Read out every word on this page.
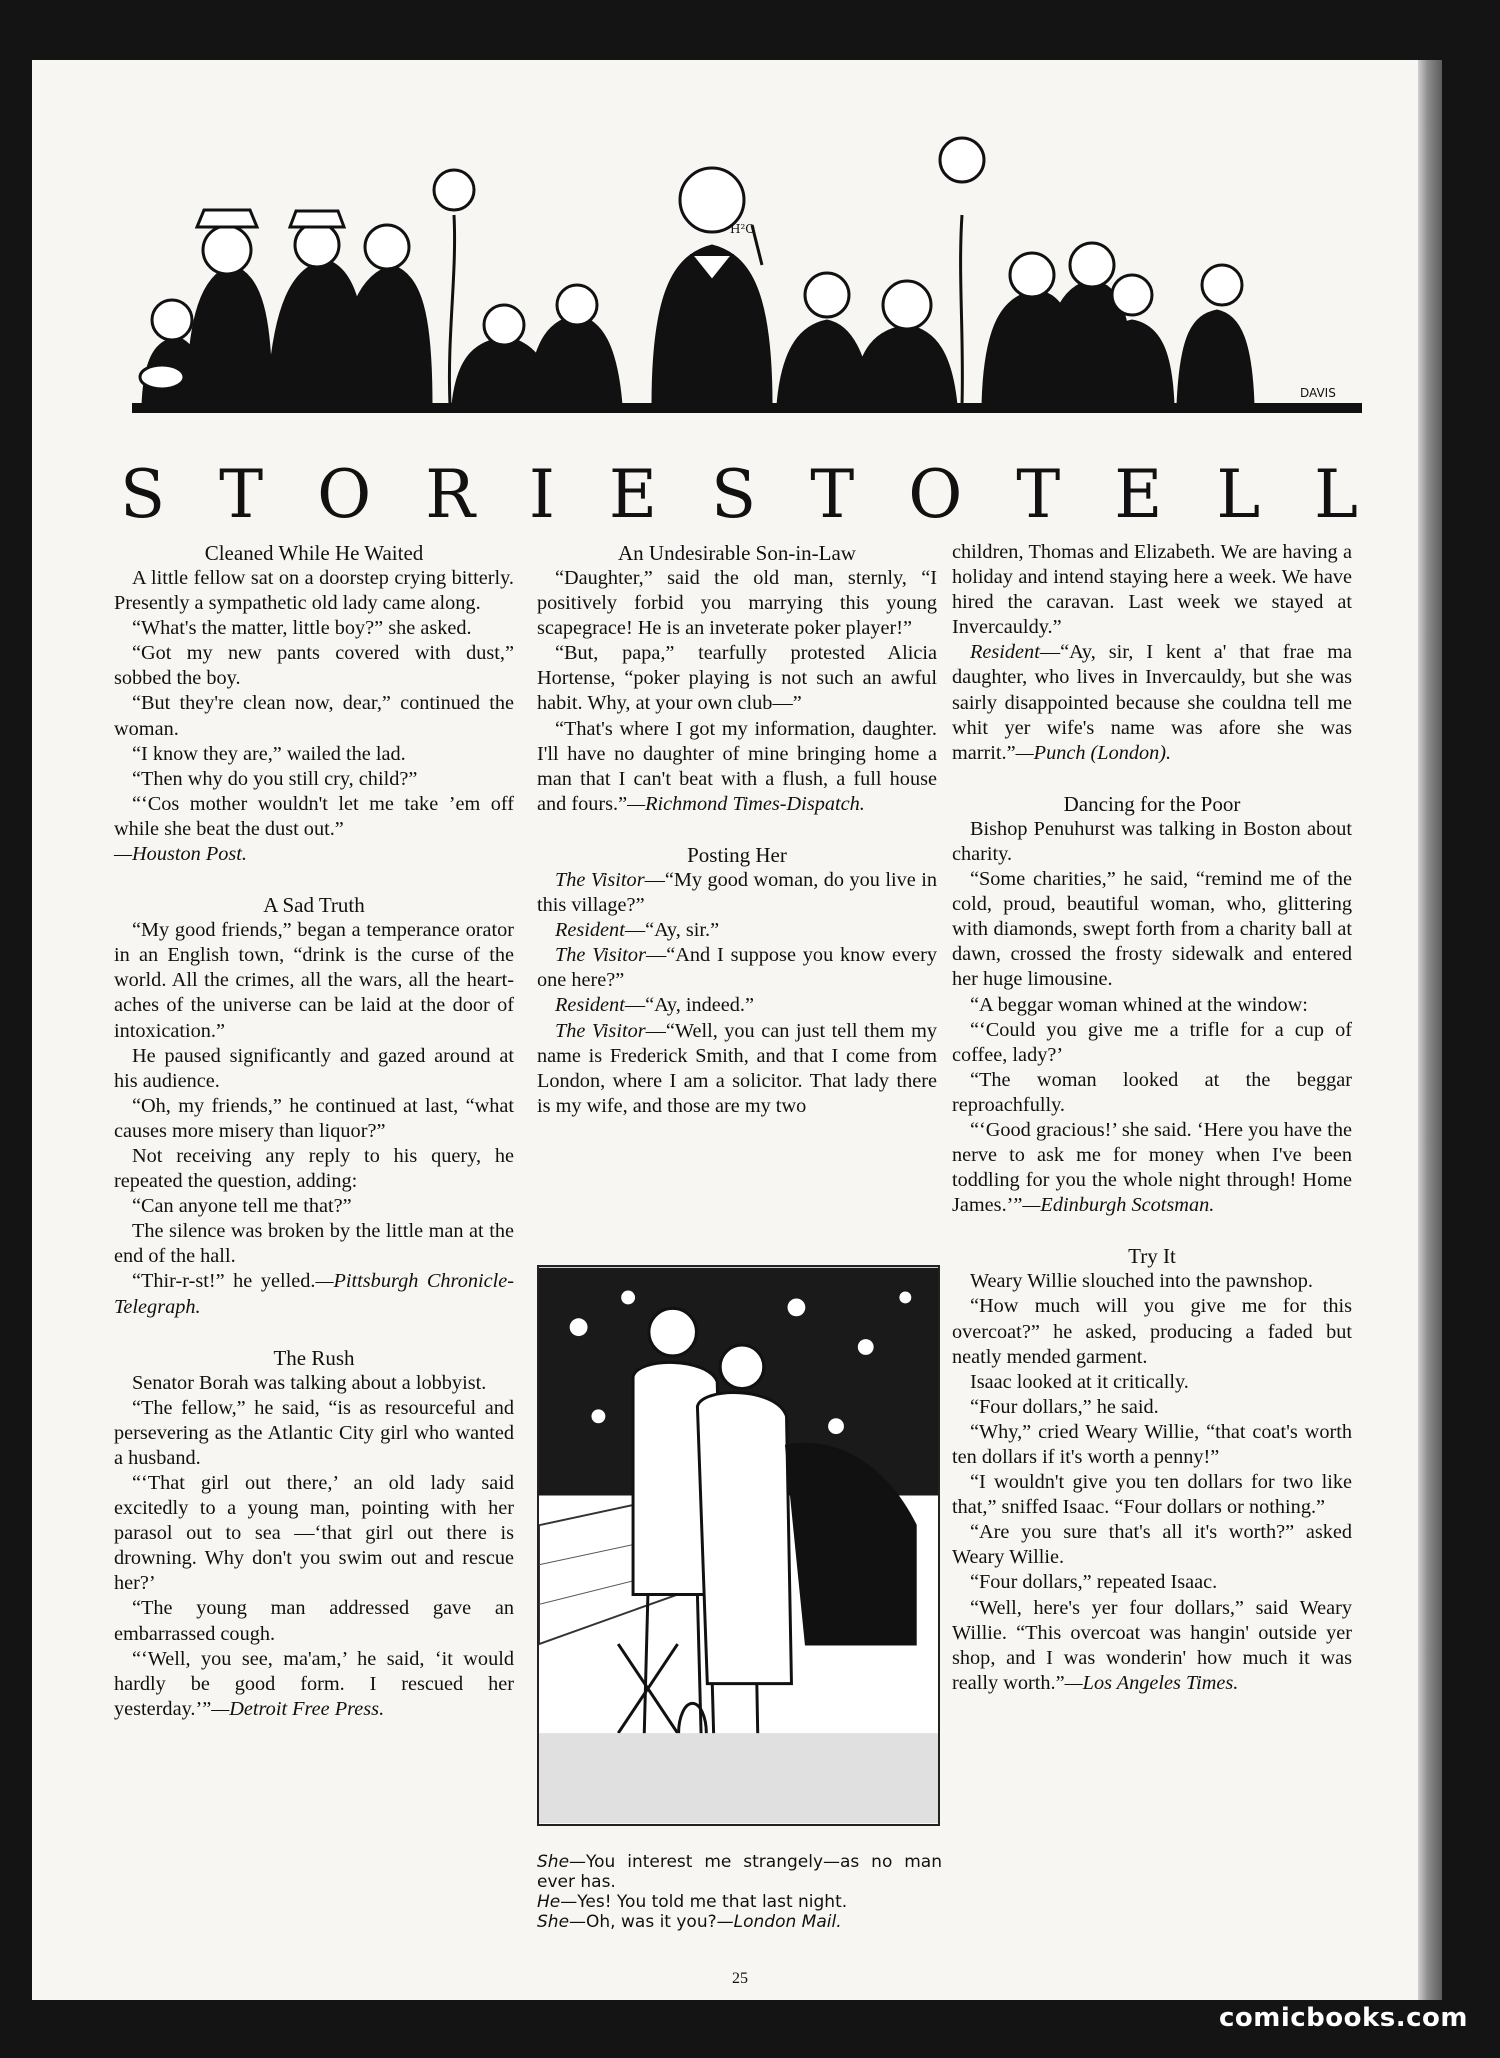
H²O
DAVIS
S T O R I E S T O T E L L
Cleaned While He Waited

A little fellow sat on a doorstep crying bitterly. Presently a sympathetic old lady came along.

“What's the matter, little boy?” she asked.

“Got my new pants covered with dust,” sobbed the boy.

“But they're clean now, dear,” continued the woman.

“I know they are,” wailed the lad.

“Then why do you still cry, child?”

“‘Cos mother wouldn't let me take ’em off while she beat the dust out.”

—Houston Post.

A Sad Truth

“My good friends,” began a temperance orator in an English town, “drink is the curse of the world. All the crimes, all the wars, all the heart-aches of the universe can be laid at the door of intoxication.”

He paused significantly and gazed around at his audience.

“Oh, my friends,” he continued at last, “what causes more misery than liquor?”

Not receiving any reply to his query, he repeated the question, adding:

“Can anyone tell me that?”

The silence was broken by the little man at the end of the hall.

“Thir-r-st!” he yelled.—Pittsburgh Chronicle-Telegraph.

The Rush

Senator Borah was talking about a lobbyist.

“The fellow,” he said, “is as resourceful and persevering as the Atlantic City girl who wanted a husband.

“‘That girl out there,’ an old lady said excitedly to a young man, pointing with her parasol out to sea —‘that girl out there is drowning. Why don't you swim out and rescue her?’

“The young man addressed gave an embarrassed cough.

“‘Well, you see, ma'am,’ he said, ‘it would hardly be good form. I rescued her yesterday.’”—Detroit Free Press.

An Undesirable Son-in-Law

“Daughter,” said the old man, sternly, “I positively forbid you marrying this young scapegrace! He is an inveterate poker player!”

“But, papa,” tearfully protested Alicia Hortense, “poker playing is not such an awful habit. Why, at your own club—”

“That's where I got my information, daughter. I'll have no daughter of mine bringing home a man that I can't beat with a flush, a full house and fours.”—Richmond Times-Dispatch.

Posting Her

The Visitor—“My good woman, do you live in this village?”

Resident—“Ay, sir.”

The Visitor—“And I suppose you know every one here?”

Resident—“Ay, indeed.”

The Visitor—“Well, you can just tell them my name is Frederick Smith, and that I come from London, where I am a solicitor. That lady there is my wife, and those are my two

She—You interest me strangely—as no man ever has.

He—Yes! You told me that last night.

She—Oh, was it you?—London Mail.

children, Thomas and Elizabeth. We are having a holiday and intend staying here a week. We have hired the caravan. Last week we stayed at Invercauldy.”

Resident—“Ay, sir, I kent a' that frae ma daughter, who lives in Invercauldy, but she was sairly disappointed because she couldna tell me whit yer wife's name was afore she was marrit.”—Punch (London).

Dancing for the Poor

Bishop Penuhurst was talking in Boston about charity.

“Some charities,” he said, “remind me of the cold, proud, beautiful woman, who, glittering with diamonds, swept forth from a charity ball at dawn, crossed the frosty sidewalk and entered her huge limousine.

“A beggar woman whined at the window:

“‘Could you give me a trifle for a cup of coffee, lady?’

“The woman looked at the beggar reproachfully.

“‘Good gracious!’ she said. ‘Here you have the nerve to ask me for money when I've been toddling for you the whole night through! Home James.’”—Edinburgh Scotsman.

Try It

Weary Willie slouched into the pawnshop.

“How much will you give me for this overcoat?” he asked, producing a faded but neatly mended garment.

Isaac looked at it critically.

“Four dollars,” he said.

“Why,” cried Weary Willie, “that coat's worth ten dollars if it's worth a penny!”

“I wouldn't give you ten dollars for two like that,” sniffed Isaac. “Four dollars or nothing.”

“Are you sure that's all it's worth?” asked Weary Willie.

“Four dollars,” repeated Isaac.

“Well, here's yer four dollars,” said Weary Willie. “This overcoat was hangin' outside yer shop, and I was wonderin' how much it was really worth.”—Los Angeles Times.

25
comicbooks.com
